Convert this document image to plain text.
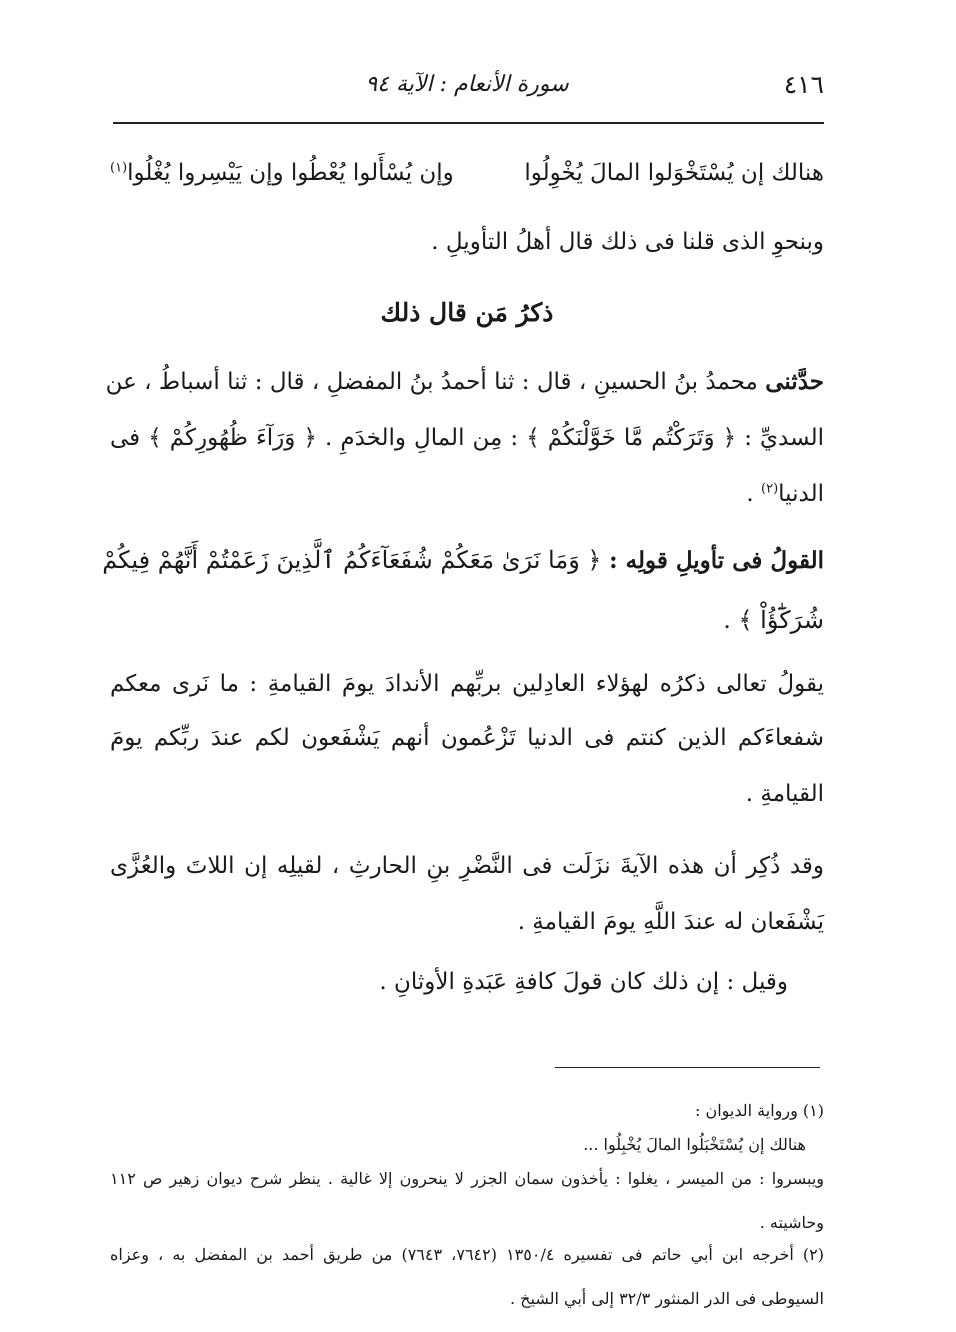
٤١٦
سورة الأنعام : الآية ٩٤
هنالك إن يُسْتَخْوَلوا المالَ يُخْوِلُوا
وإن يُسْأَلوا يُعْطُوا وإن يَيْسِروا يُغْلُوا$^{(١)}$
وبنحوِ الذى قلنا فى ذلك قال أهلُ التأويلِ .
ذكرُ مَن قال ذلك
حدَّثنى محمدُ بنُ الحسينِ ، قال : ثنا أحمدُ بنُ المفضلِ ، قال : ثنا أسباطُ ، عن
السديِّ : ﴿ وَتَرَكْتُم مَّا خَوَّلْنَكُمْ ﴾ : مِن المالِ والخدَمِ . ﴿ وَرَآءَ ظُهُورِكُمْ ﴾ فى
الدنيا$^{(٢)}$ .
القولُ فى تأويلِ قولِه : ﴿ وَمَا نَرَىٰ مَعَكُمْ شُفَعَآءَكُمُ ٱلَّذِينَ زَعَمْتُمْ أَنَّهُمْ فِيكُمْ
شُرَكَٰٓؤُاْ ﴾ .
يقولُ تعالى ذكرُه لهؤلاء العادِلين بربِّهم الأندادَ يومَ القيامةِ : ما نَرى معكم
شفعاءَكم الذين كنتم فى الدنيا تَزْعُمون أنهم يَشْفَعون لكم عندَ ربِّكم يومَ
القيامةِ .
وقد ذُكِر أن هذه الآيةَ نزَلَت فى النَّضْرِ بنِ الحارثِ ، لقيلِه إن اللاتَ والعُزَّى
يَشْفَعان له عندَ اللَّهِ يومَ القيامةِ .
وقيل : إن ذلك كان قولَ كافةِ عَبَدةِ الأوثانِ .
(١) ورواية الديوان :
هنالك إن يُسْتَخْبَلُوا المالَ يُخْبِلُوا ...
ويبسروا : من الميسر ، يغلوا : يأخذون سمان الجزر لا ينحرون إلا غالية . ينظر شرح ديوان زهير ص ١١٢
وحاشيته .
(٢) أخرجه ابن أبي حاتم فى تفسيره ١٣٥٠/٤ (٧٦٤٢، ٧٦٤٣) من طريق أحمد بن المفضل به ، وعزاه
السيوطى فى الدر المنثور ٣٢/٣ إلى أبي الشيخ .
